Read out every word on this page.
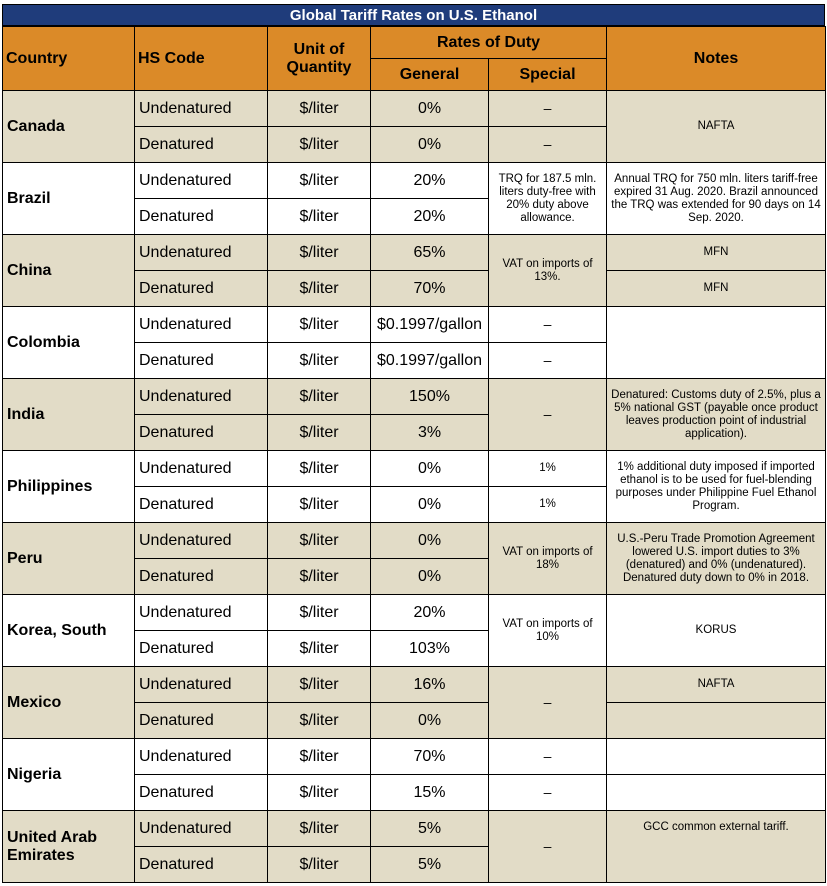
Global Tariff Rates on U.S. Ethanol
Country	HS Code	Unit of Quantity	Rates of Duty		Notes
			General	Special	
Canada	Undenatured	$/liter	0%	–	NAFTA
	Denatured	$/liter	0%	–	
Brazil	Undenatured	$/liter	20%	TRQ for 187.5 mln. liters duty-free with 20% duty above allowance.	Annual TRQ for 750 mln. liters tariff-free expired 31 Aug. 2020. Brazil announced the TRQ was extended for 90 days on 14 Sep. 2020.
	Denatured	$/liter	20%		
China	Undenatured	$/liter	65%	VAT on imports of 13%.	MFN
	Denatured	$/liter	70%		MFN
Colombia	Undenatured	$/liter	$0.1997/gallon	–	
	Denatured	$/liter	$0.1997/gallon	–	
India	Undenatured	$/liter	150%	–	Denatured: Customs duty of 2.5%, plus a 5% national GST (payable once product leaves production point of industrial application).
	Denatured	$/liter	3%		
Philippines	Undenatured	$/liter	0%	1%	1% additional duty imposed if imported ethanol is to be used for fuel-blending purposes under Philippine Fuel Ethanol Program.
	Denatured	$/liter	0%	1%	
Peru	Undenatured	$/liter	0%	VAT on imports of 18%	U.S.-Peru Trade Promotion Agreement lowered U.S. import duties to 3% (denatured) and 0% (undenatured). Denatured duty down to 0% in 2018.
	Denatured	$/liter	0%		
Korea, South	Undenatured	$/liter	20%	VAT on imports of 10%	KORUS
	Denatured	$/liter	103%		
Mexico	Undenatured	$/liter	16%	–	NAFTA
	Denatured	$/liter	0%		
Nigeria	Undenatured	$/liter	70%	–	
	Denatured	$/liter	15%	–	
United Arab Emirates	Undenatured	$/liter	5%	–	GCC common external tariff.
	Denatured	$/liter	5%		
